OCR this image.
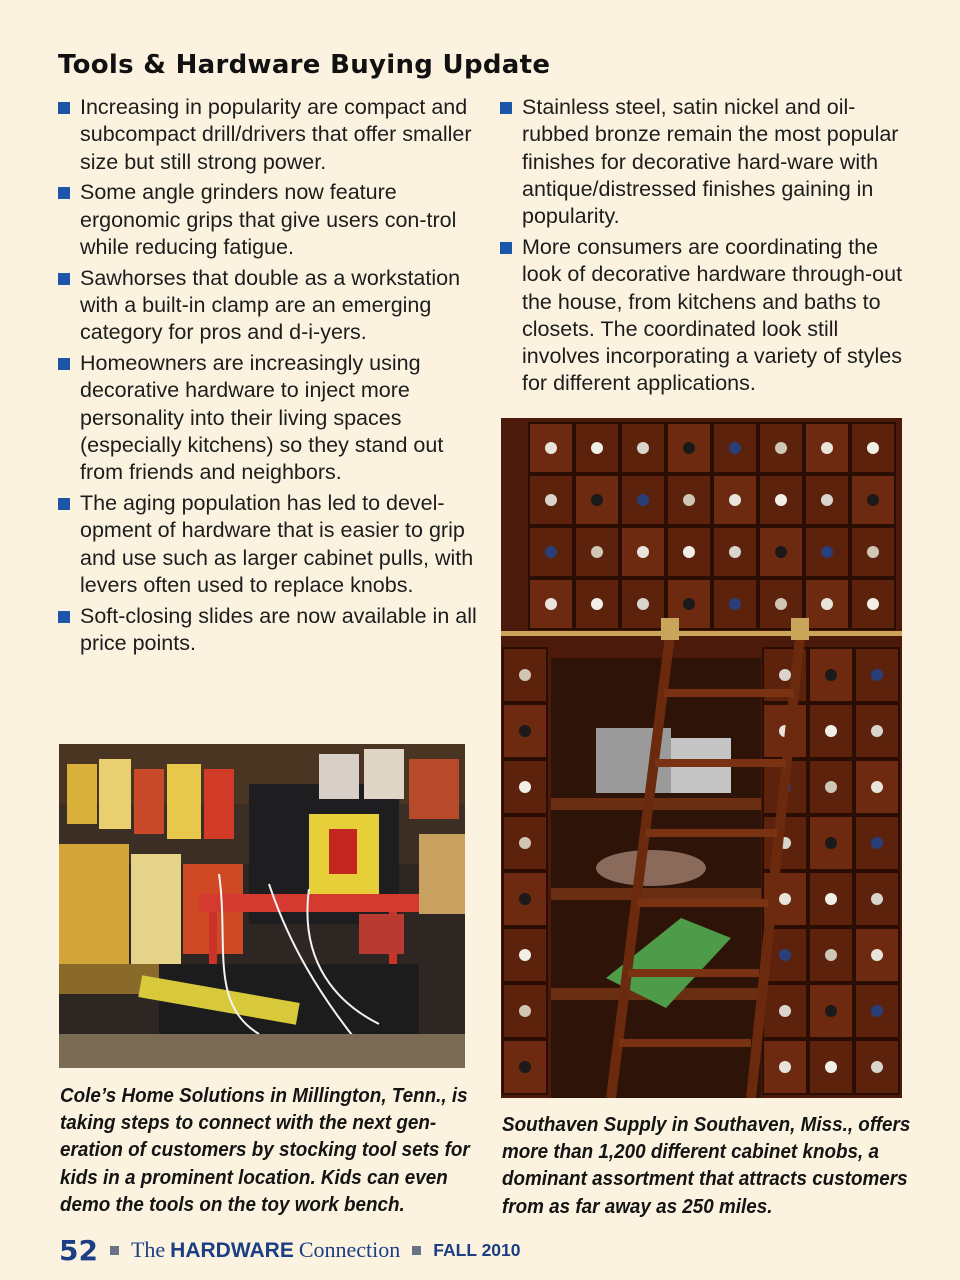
Tools & Hardware Buying Update
Increasing in popularity are compact and subcompact drill/drivers that offer smaller size but still strong power.
Some angle grinders now feature ergonomic grips that give users con-trol while reducing fatigue.
Sawhorses that double as a workstation with a built-in clamp are an emerging category for pros and d-i-yers.
Homeowners are increasingly using decorative hardware to inject more personality into their living spaces (especially kitchens) so they stand out from friends and neighbors.
The aging population has led to devel-opment of hardware that is easier to grip and use such as larger cabinet pulls, with levers often used to replace knobs.
Soft-closing slides are now available in all price points.
Stainless steel, satin nickel and oil-rubbed bronze remain the most popular finishes for decorative hard-ware with antique/distressed finishes gaining in popularity.
More consumers are coordinating the look of decorative hardware through-out the house, from kitchens and baths to closets. The coordinated look still involves incorporating a variety of styles for different applications.
Cole’s Home Solutions in Millington, Tenn., is taking steps to connect with the next gen-eration of customers by stocking tool sets for kids in a prominent location. Kids can even demo the tools on the toy work bench.
Southaven Supply in Southaven, Miss., offers more than 1,200 different cabinet knobs, a dominant assortment that attracts customers from as far away as 250 miles.
52 The HARDWARE Connection FALL 2010
